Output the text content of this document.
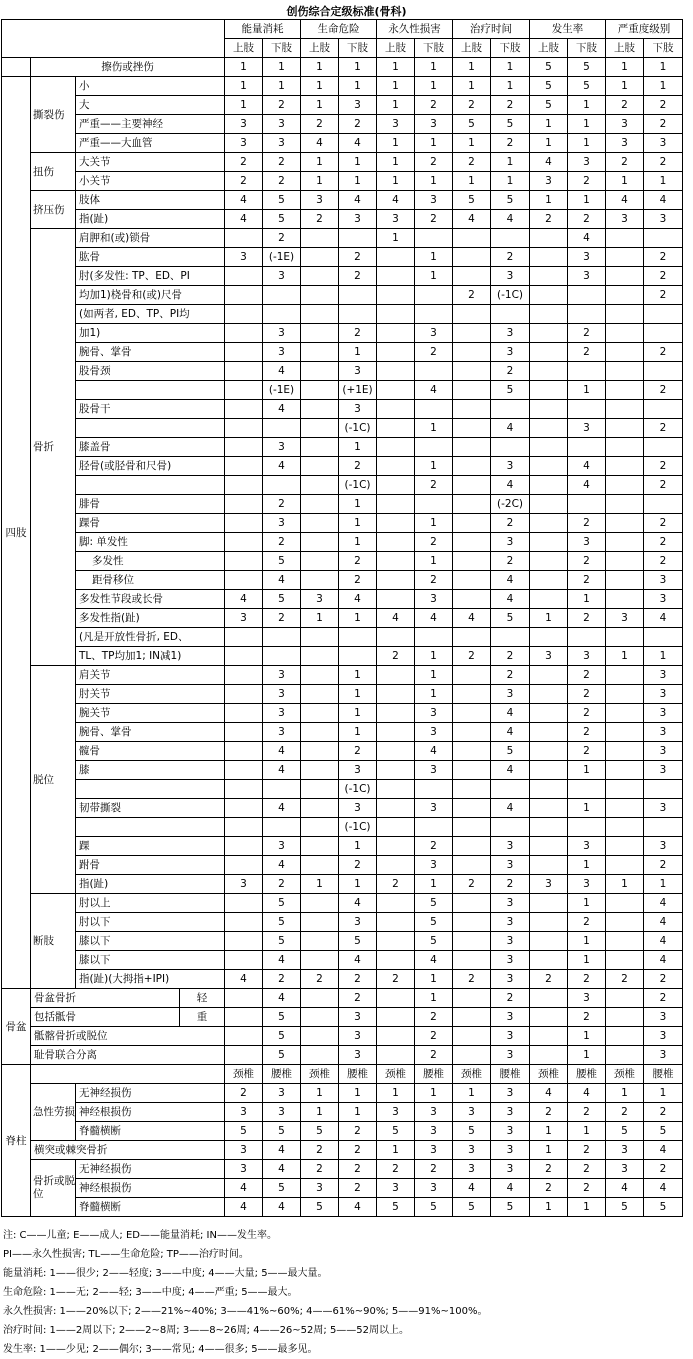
创伤综合定级标准(骨科)
				能量消耗		生命危险		永久性损害		治疗时间		发生率		严重度级别	
				上肢	下肢	上肢	下肢	上肢	下肢	上肢	下肢	上肢	下肢	上肢	下肢
	擦伤或挫伤			1	1	1	1	1	1	1	1	5	5	1	1
四肢	撕裂伤	小		1	1	1	1	1	1	1	1	5	5	1	1
		大		1	2	1	3	1	2	2	2	5	1	2	2
		严重——主要神经		3	3	2	2	3	3	5	5	1	1	3	2
		严重——大血管		3	3	4	4	1	1	1	2	1	1	3	3
	扭伤	大关节		2	2	1	1	1	2	2	1	4	3	2	2
		小关节		2	2	1	1	1	1	1	1	3	2	1	1
	挤压伤	肢体		4	5	3	4	4	3	5	5	1	1	4	4
		指(趾)		4	5	2	3	3	2	4	4	2	2	3	3
	骨折	肩胛和(或)锁骨			2			1					4		
		肱骨		3	(-1E)		2		1		2		3		2
		肘(多发性: TP、ED、PI			3		2		1		3		3		2
		均加1)桡骨和(或)尺骨								2	(-1C)				2
		(如两者, ED、TP、PI均													
		加1)			3		2		3		3		2		
		腕骨、掌骨			3		1		2		3		2		2
		股骨颈			4		3				2				
					(-1E)		(+1E)		4		5		1		2
		股骨干			4		3								
							(-1C)		1		4		3		2
		膝盖骨			3		1								
		胫骨(或胫骨和尺骨)			4		2		1		3		4		2
							(-1C)		2		4		4		2
		腓骨			2		1				(-2C)				
		踝骨			3		1		1		2		2		2
		脚: 单发性			2		1		2		3		3		2
		多发性			5		2		1		2		2		2
		距骨移位			4		2		2		4		2		3
		多发性节段或长骨		4	5	3	4		3		4		1		3
		多发性指(趾)		3	2	1	1	4	4	4	5	1	2	3	4
		(凡是开放性骨折, ED、													
		TL、TP均加1; IN减1)						2	1	2	2	3	3	1	1
	脱位	肩关节			3		1		1		2		2		3
		肘关节			3		1		1		3		2		3
		腕关节			3		1		3		4		2		3
		腕骨、掌骨			3		1		3		4		2		3
		髋骨			4		2		4		5		2		3
		膝			4		3		3		4		1		3
							(-1C)								
		韧带撕裂			4		3		3		4		1		3
							(-1C)								
		踝			3		1		2		3		3		3
		跗骨			4		2		3		3		1		2
		指(趾)		3	2	1	1	2	1	2	2	3	3	1	1
	断肢	肘以上			5		4		5		3		1		4
		肘以下			5		3		5		3		2		4
		膝以下			5		5		5		3		1		4
		膝以下			4		4		4		3		1		4
		指(趾)(大拇指+IPI)		4	2	2	2	2	1	2	3	2	2	2	2
骨盆	骨盆骨折		轻		4		2		1		2		3		2
	包括骶骨		重		5		3		2		3		2		3
	骶髂骨折或脱位				5		3		2		3		1		3
	耻骨联合分离				5		3		2		3		1		3
脊柱				颈椎	腰椎	颈椎	腰椎	颈椎	腰椎	颈椎	腰椎	颈椎	腰椎	颈椎	腰椎
	急性劳损	无神经损伤		2	3	1	1	1	1	1	3	4	4	1	1
		神经根损伤		3	3	1	1	3	3	3	3	2	2	2	2
		脊髓横断		5	5	5	2	5	3	5	3	1	1	5	5
	横突或棘突骨折			3	4	2	2	1	3	3	3	1	2	3	4
	骨折或脱位	无神经损伤		3	4	2	2	2	2	3	3	2	2	3	2
		神经根损伤		4	5	3	2	3	3	4	4	2	2	4	4
		脊髓横断		4	4	5	4	5	5	5	5	1	1	5	5
注: C——儿童; E——成人; ED——能量消耗; IN——发生率。
PI——永久性损害; TL——生命危险; TP——治疗时间。
能量消耗: 1——很少; 2——轻度; 3——中度; 4——大量; 5——最大量。
生命危险: 1——无; 2——轻; 3——中度; 4——严重; 5——最大。
永久性损害: 1——20%以下; 2——21%~40%; 3——41%~60%; 4——61%~90%; 5——91%~100%。
治疗时间: 1——2周以下; 2——2~8周; 3——8~26周; 4——26~52周; 5——52周以上。
发生率: 1——少见; 2——偶尔; 3——常见; 4——很多; 5——最多见。
